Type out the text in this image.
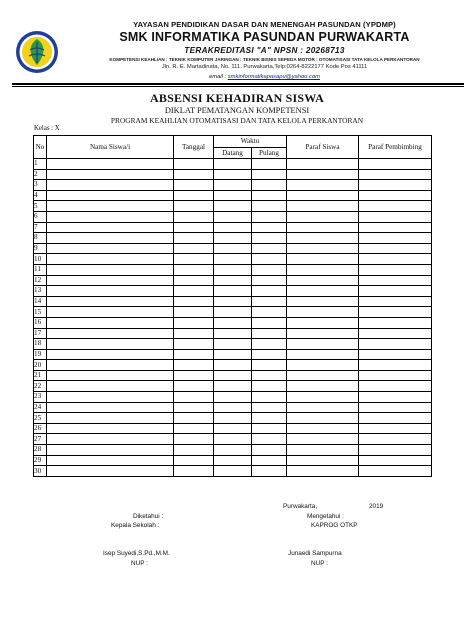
YAYASAN PENDIDIKAN DASAR DAN MENENGAH PASUNDAN (YPDMP)
SMK INFORMATIKA PASUNDAN PURWAKARTA
TERAKREDITASI "A" NPSN : 20268713
KOMPETENSI KEAHLIAN : TEKNIK KOMPUTER JARINGAN : TEKNIK BISNIS SEPEDA MOTOR : OTOMATISASI TATA KELOLA PERKANTORAN
Jln. R. E. Martadinata, No. 111, Purwakarta,Telp:0264-8222177 Kode Pos 41111
email : smkinformatikapasapu@yahoo.com
ABSENSI KEHADIRAN SISWA
DIKLAT PEMATANGAN KOMPETENSI
PROGRAM KEAHLIAN OTOMATISASI DAN TATA KELOLA PERKANTORAN
Kelas : X
No	Nama Siswa/i	Tanggal	Waktu		Paraf Siswa	Paraf Pembimbing
			Datang	Pulang		
1						
2						
3						
4						
5						
6						
7						
8						
9						
10						
11						
12						
13						
14						
15						
16						
17						
18						
19						
20						
21						
22						
23						
24						
25						
26						
27						
28						
29						
30						
Purwakarta,	2019
Diketahui :
Kepala Sekolah :
Isep Suyedi,S.Pd.,M.M.
NUP :
Mengetahui :
KAPROG OTKP
Junaedi Sampurna
NUP :
